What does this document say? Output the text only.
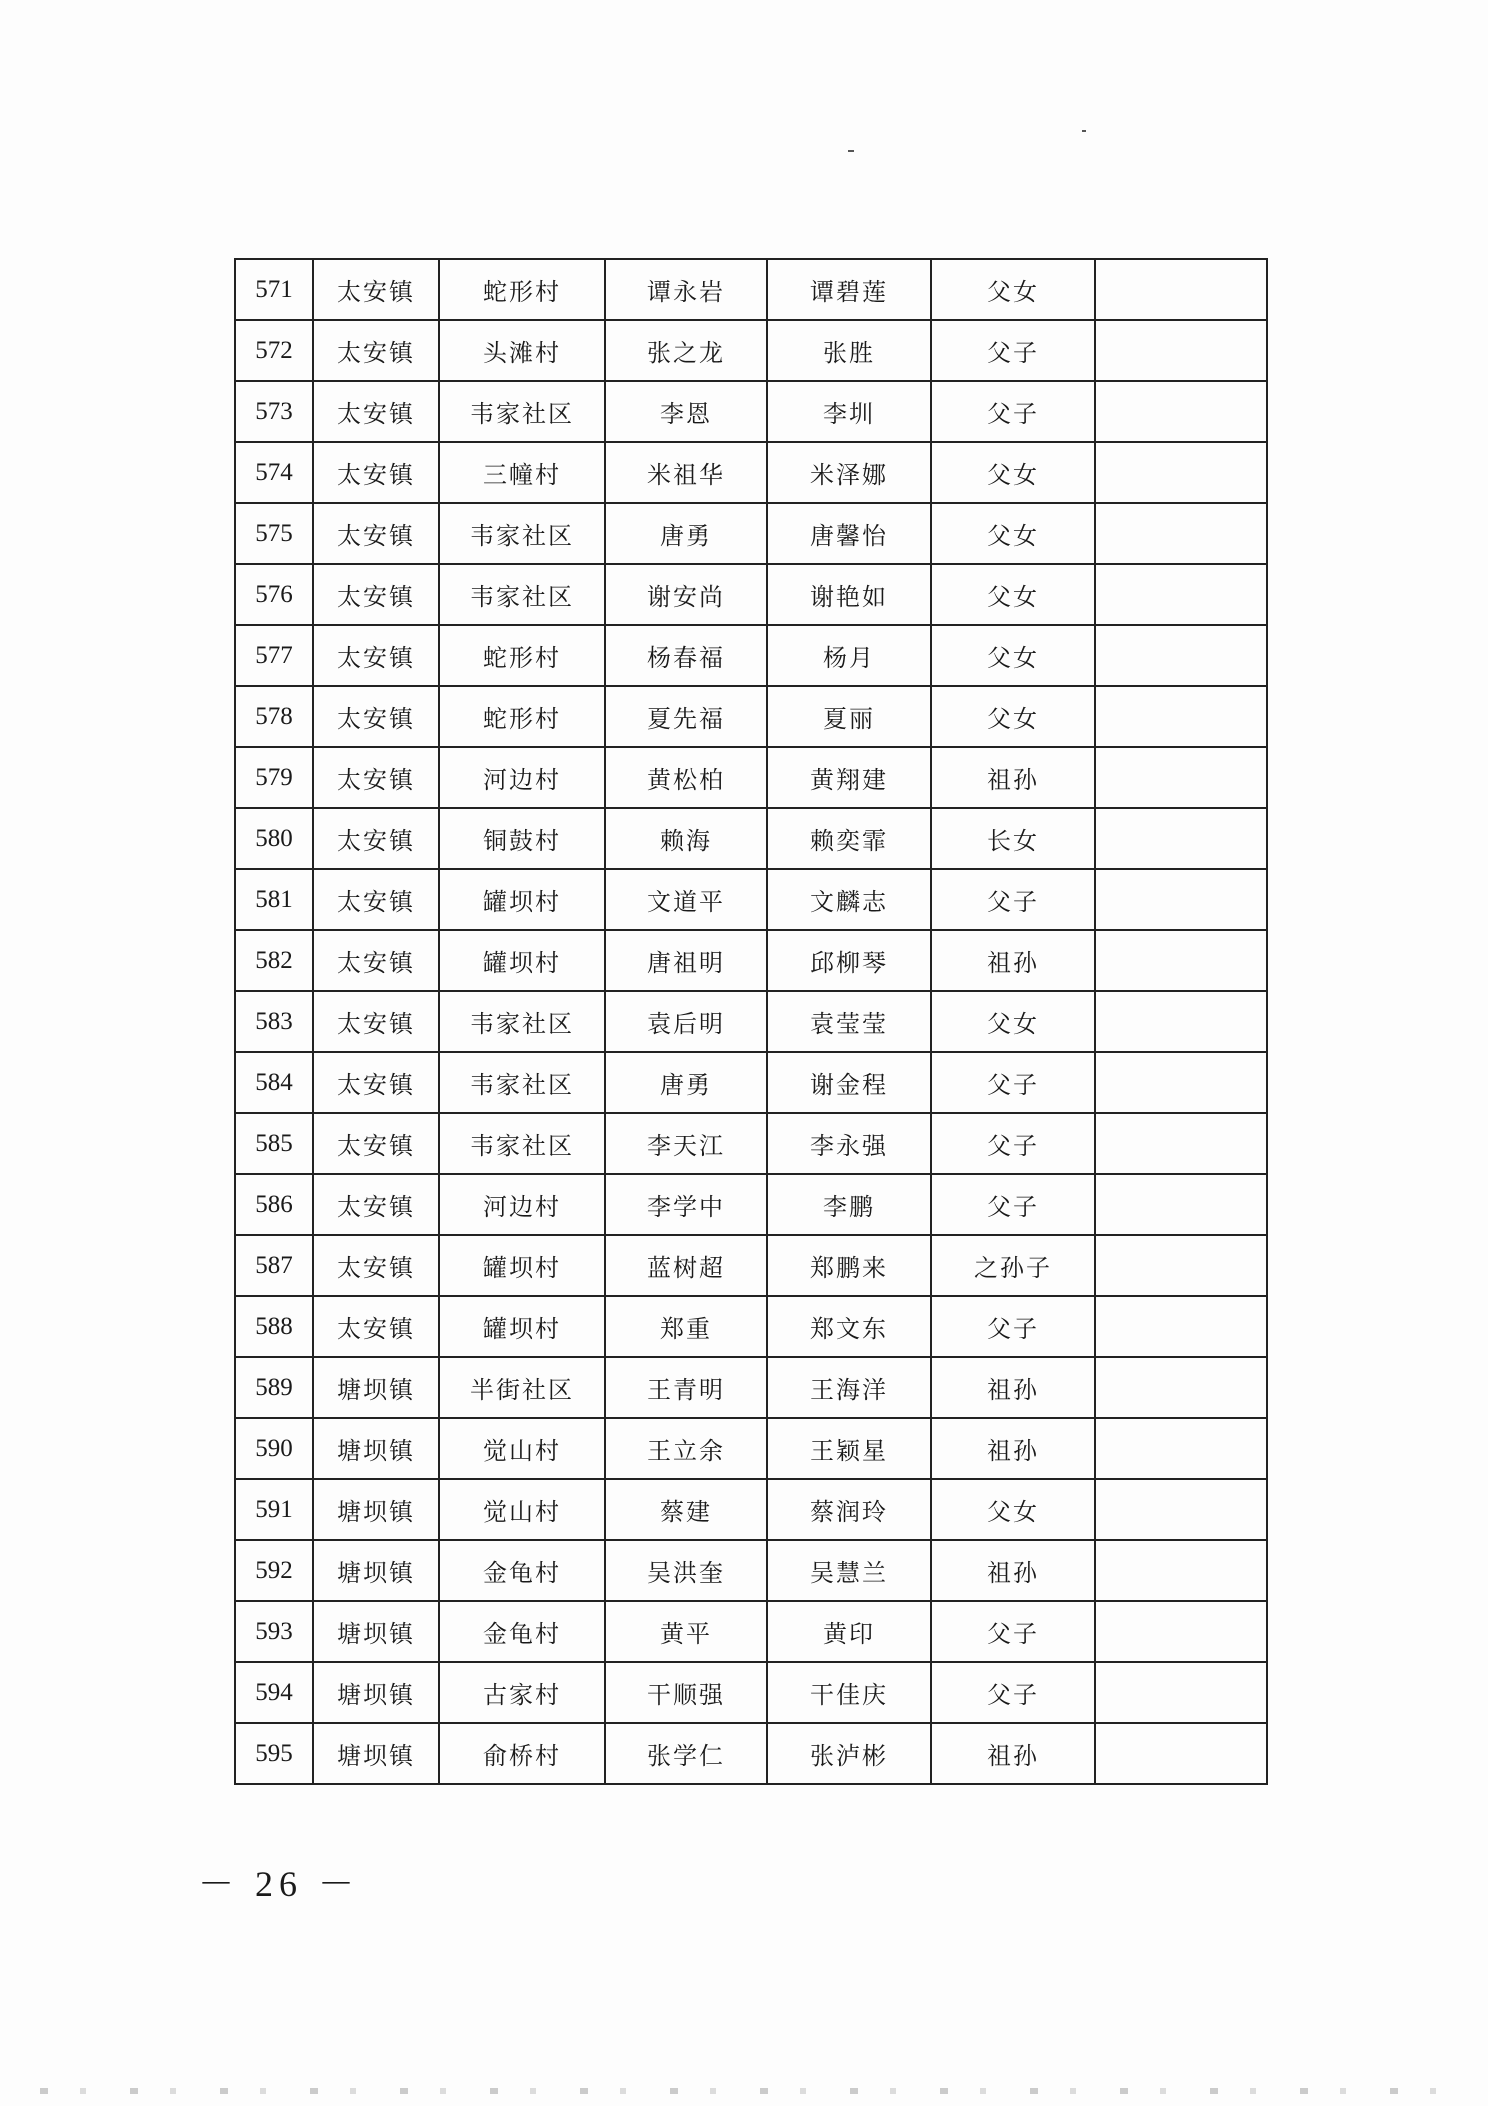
571	太安镇	蛇形村	谭永岩	谭碧莲	父女	
572	太安镇	头滩村	张之龙	张胜	父子	
573	太安镇	韦家社区	李恩	李圳	父子	
574	太安镇	三幢村	米祖华	米泽娜	父女	
575	太安镇	韦家社区	唐勇	唐馨怡	父女	
576	太安镇	韦家社区	谢安尚	谢艳如	父女	
577	太安镇	蛇形村	杨春福	杨月	父女	
578	太安镇	蛇形村	夏先福	夏丽	父女	
579	太安镇	河边村	黄松柏	黄翔建	祖孙	
580	太安镇	铜鼓村	赖海	赖奕霏	长女	
581	太安镇	罐坝村	文道平	文麟志	父子	
582	太安镇	罐坝村	唐祖明	邱柳琴	祖孙	
583	太安镇	韦家社区	袁后明	袁莹莹	父女	
584	太安镇	韦家社区	唐勇	谢金程	父子	
585	太安镇	韦家社区	李天江	李永强	父子	
586	太安镇	河边村	李学中	李鹏	父子	
587	太安镇	罐坝村	蓝树超	郑鹏来	之孙子	
588	太安镇	罐坝村	郑重	郑文东	父子	
589	塘坝镇	半街社区	王青明	王海洋	祖孙	
590	塘坝镇	觉山村	王立余	王颖星	祖孙	
591	塘坝镇	觉山村	蔡建	蔡润玲	父女	
592	塘坝镇	金龟村	吴洪奎	吴慧兰	祖孙	
593	塘坝镇	金龟村	黄平	黄印	父子	
594	塘坝镇	古家村	干顺强	干佳庆	父子	
595	塘坝镇	俞桥村	张学仁	张泸彬	祖孙	
－ 26 －
